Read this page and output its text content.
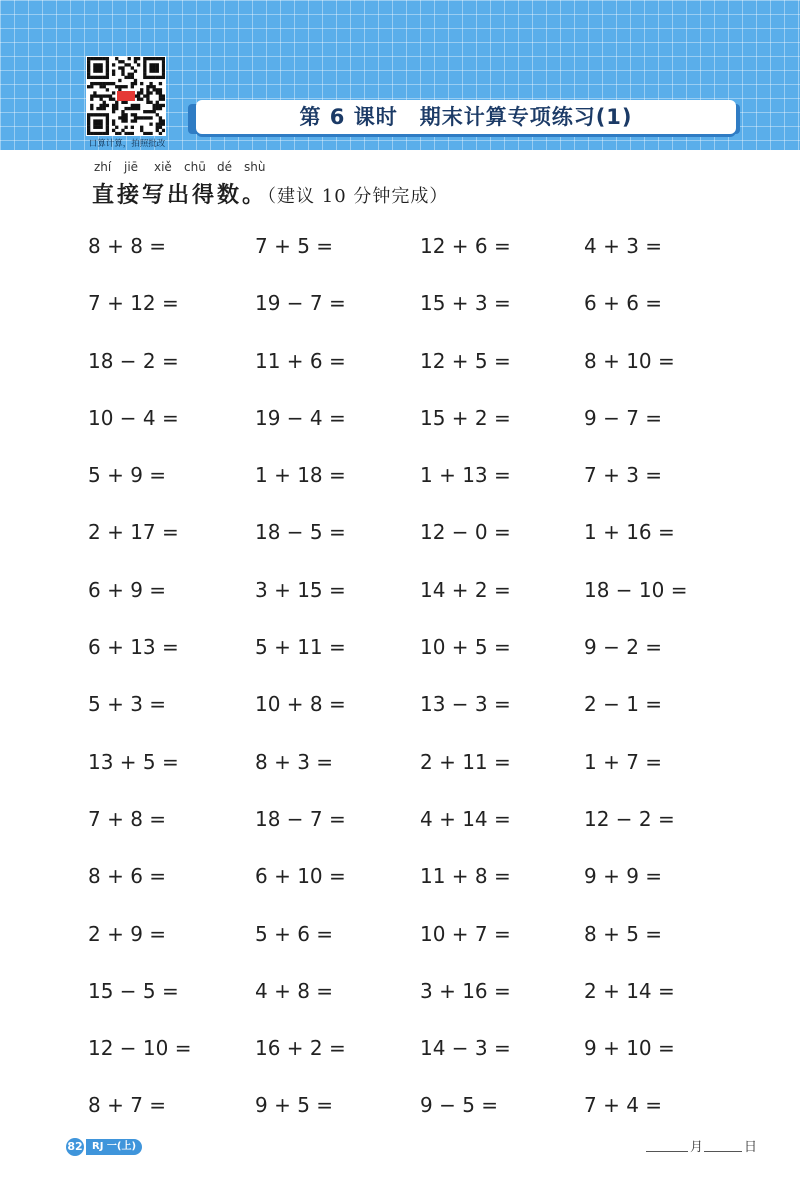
口算计算，拍照批改
第 6 课时　期末计算专项练习(1)
zhí jiē xiě chū dé shù
直接写出得数。（建议 10 分钟完成）
8 + 8 =	7 + 5 =	12 + 6 =	4 + 3 =
7 + 12 =	19 − 7 =	15 + 3 =	6 + 6 =
18 − 2 =	11 + 6 =	12 + 5 =	8 + 10 =
10 − 4 =	19 − 4 =	15 + 2 =	9 − 7 =
5 + 9 =	1 + 18 =	1 + 13 =	7 + 3 =
2 + 17 =	18 − 5 =	12 − 0 =	1 + 16 =
6 + 9 =	3 + 15 =	14 + 2 =	18 − 10 =
6 + 13 =	5 + 11 =	10 + 5 =	9 − 2 =
5 + 3 =	10 + 8 =	13 − 3 =	2 − 1 =
13 + 5 =	8 + 3 =	2 + 11 =	1 + 7 =
7 + 8 =	18 − 7 =	4 + 14 =	12 − 2 =
8 + 6 =	6 + 10 =	11 + 8 =	9 + 9 =
2 + 9 =	5 + 6 =	10 + 7 =	8 + 5 =
15 − 5 =	4 + 8 =	3 + 16 =	2 + 14 =
12 − 10 =	16 + 2 =	14 − 3 =	9 + 10 =
8 + 7 =	9 + 5 =	9 − 5 =	7 + 4 =
82 RJ 一(上)	月	日
